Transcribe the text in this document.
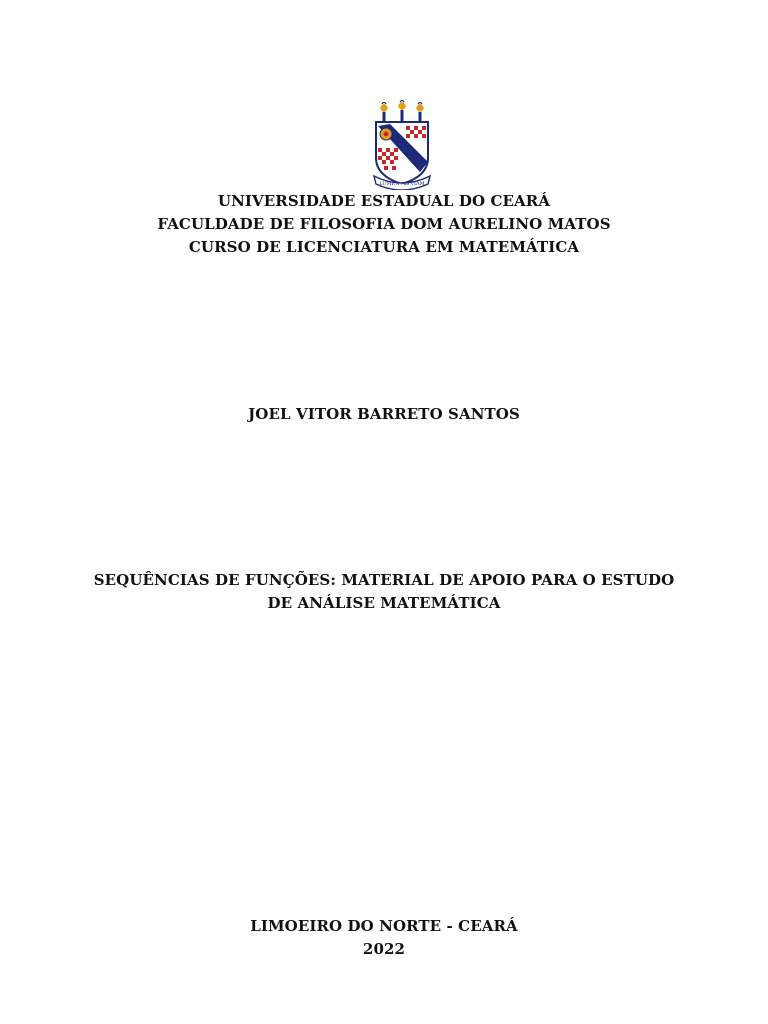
LUMEN AD VIAM
UNIVERSIDADE ESTADUAL DO CEARÁ
FACULDADE DE FILOSOFIA DOM AURELINO MATOS
CURSO DE LICENCIATURA EM MATEMÁTICA
JOEL VITOR BARRETO SANTOS
SEQUÊNCIAS DE FUNÇÕES: MATERIAL DE APOIO PARA O ESTUDO
DE ANÁLISE MATEMÁTICA
LIMOEIRO DO NORTE - CEARÁ
2022
